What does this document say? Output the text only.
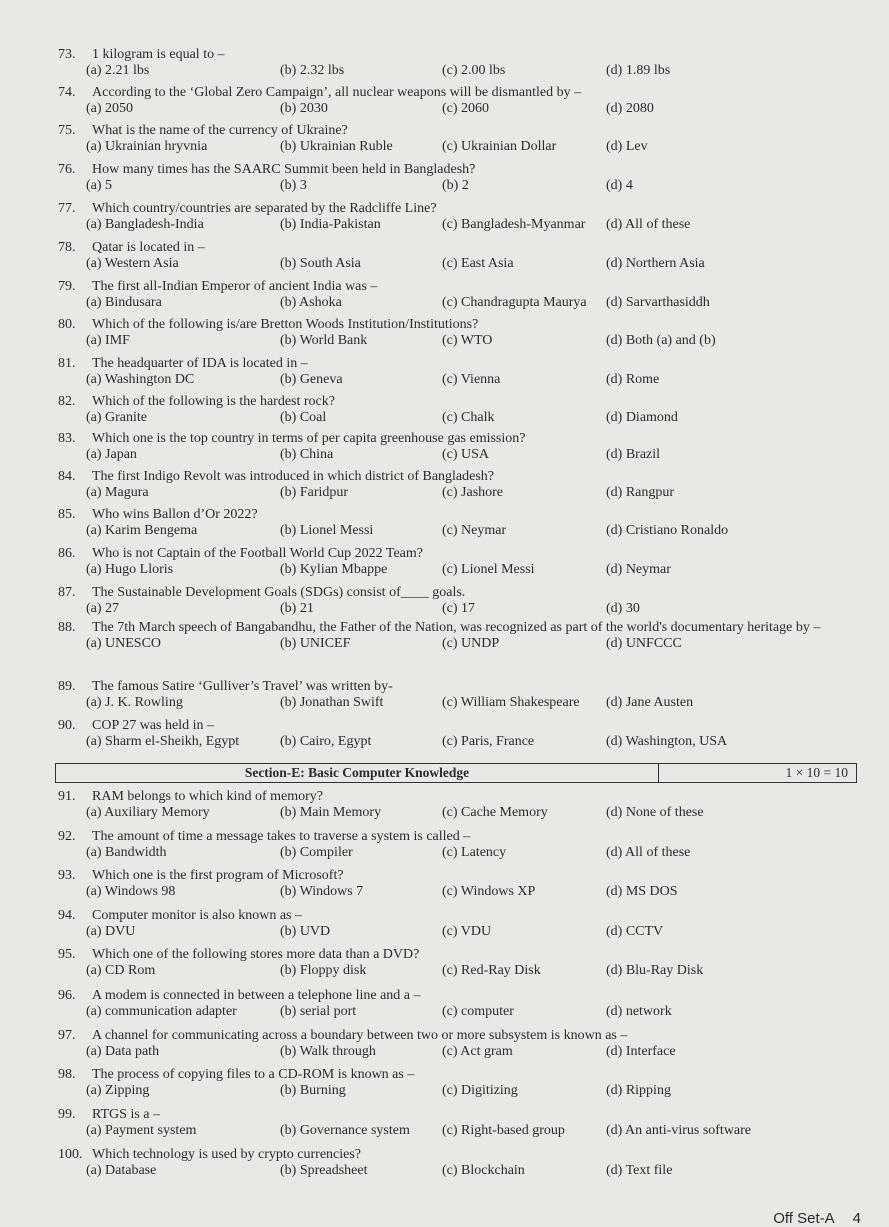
Section-E: Basic Computer Knowledge	1 × 10 = 10
Off Set-A 4
73. 1 kilogram is equal to –
(a) 2.21 lbs	(b) 2.32 lbs	(c) 2.00 lbs	(d) 1.89 lbs
74. According to the ‘Global Zero Campaign’, all nuclear weapons will be dismantled by –
(a) 2050	(b) 2030	(c) 2060	(d) 2080
75. What is the name of the currency of Ukraine?
(a) Ukrainian hryvnia	(b) Ukrainian Ruble	(c) Ukrainian Dollar	(d) Lev
76. How many times has the SAARC Summit been held in Bangladesh?
(a) 5	(b) 3	(b) 2	(d) 4
77. Which country/countries are separated by the Radcliffe Line?
(a) Bangladesh-India	(b) India-Pakistan	(c) Bangladesh-Myanmar (d) All of these
78. Qatar is located in –
(a) Western Asia	(b) South Asia	(c) East Asia	(d) Northern Asia
79. The first all-Indian Emperor of ancient India was –
(a) Bindusara	(b) Ashoka	(c) Chandragupta Maurya (d) Sarvarthasiddh
80. Which of the following is/are Bretton Woods Institution/Institutions?
(a) IMF	(b) World Bank	(c) WTO	(d) Both (a) and (b)
81. The headquarter of IDA is located in –
(a) Washington DC	(b) Geneva	(c) Vienna	(d) Rome
82. Which of the following is the hardest rock?
(a) Granite	(b) Coal	(c) Chalk	(d) Diamond
83. Which one is the top country in terms of per capita greenhouse gas emission?
(a) Japan	(b) China	(c) USA	(d) Brazil
84. The first Indigo Revolt was introduced in which district of Bangladesh?
(a) Magura	(b) Faridpur	(c) Jashore	(d) Rangpur
85. Who wins Ballon d’Or 2022?
(a) Karim Bengema	(b) Lionel Messi	(c) Neymar	(d) Cristiano Ronaldo
86. Who is not Captain of the Football World Cup 2022 Team?
(a) Hugo Lloris	(b) Kylian Mbappe	(c) Lionel Messi	(d) Neymar
87. The Sustainable Development Goals (SDGs) consist of____ goals.
(a) 27	(b) 21	(c) 17	(d) 30
88. The 7th March speech of Bangabandhu, the Father of the Nation, was recognized as part of the world's documentary heritage by –
(a) UNESCO	(b) UNICEF	(c) UNDP	(d) UNFCCC
89. The famous Satire ‘Gulliver’s Travel’ was written by-
(a) J. K. Rowling	(b) Jonathan Swift	(c) William Shakespeare (d) Jane Austen
90. COP 27 was held in –
(a) Sharm el-Sheikh, Egypt	(b) Cairo, Egypt	(c) Paris, France	(d) Washington, USA
91. RAM belongs to which kind of memory?
(a) Auxiliary Memory	(b) Main Memory	(c) Cache Memory	(d) None of these
92. The amount of time a message takes to traverse a system is called –
(a) Bandwidth	(b) Compiler	(c) Latency	(d) All of these
93. Which one is the first program of Microsoft?
(a) Windows 98	(b) Windows 7	(c) Windows XP	(d) MS DOS
94. Computer monitor is also known as –
(a) DVU	(b) UVD	(c) VDU	(d) CCTV
95. Which one of the following stores more data than a DVD?
(a) CD Rom	(b) Floppy disk	(c) Red-Ray Disk	(d) Blu-Ray Disk
96. A modem is connected in between a telephone line and a –
(a) communication adapter	(b) serial port	(c) computer	(d) network
97. A channel for communicating across a boundary between two or more subsystem is known as –
(a) Data path	(b) Walk through	(c) Act gram	(d) Interface
98. The process of copying files to a CD-ROM is known as –
(a) Zipping	(b) Burning	(c) Digitizing	(d) Ripping
99. RTGS is a –
(a) Payment system	(b) Governance system (c) Right-based group	(d) An anti-virus software
100. Which technology is used by crypto currencies?
(a) Database	(b) Spreadsheet	(c) Blockchain	(d) Text file
